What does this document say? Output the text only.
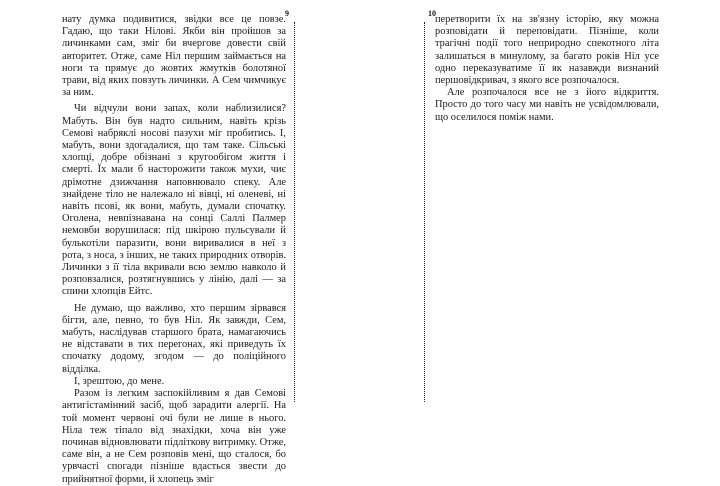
9

нату думка подивитися, звідки все це повзе. Гадаю, що таки Нілові. Якби він пройшов за личинками сам, зміг би вчергове довести свій авторитет. Отже, саме Ніл першим займається на ноги та прямує до жовтих жмутків болотяної трави, від яких повзуть личинки. А Сем чимчикує за ним.

Чи відчули вони запах, коли наблизилися? Мабуть. Він був надто сильним, навіть крізь Семові набряклі носові пазухи міг пробитись. І, мабуть, вони здогадалися, що там таке. Сільські хлопці, добре обізнані з кругообігом життя і смерті. Їх мали б насторожити також мухи, чиє дрімотне дзижчання наповнювало спеку. Але знайдене тіло не належало ні вівці, ні оленеві, ні навіть псові, як вони, мабуть, думали спочатку. Оголена, невпізнавана на сонці Саллі Палмер немовби ворушилася: під шкірою пульсували й булькотіли паразити, вони виривалися в неї з рота, з носа, з інших, не таких природних отворів. Личинки з її тіла вкривали всю землю навколо й розповзалися, розтягнувшись у лінію, далі — за спини хлопців Ейтс.

Не думаю, що важливо, хто першим зірвався бігти, але, певно, то був Ніл. Як завжди, Сем, мабуть, наслідував старшого брата, намагаючись не відставати в тих перегонах, які приведуть їх спочатку додому, згодом — до поліційного відділка.

І, зрештою, до мене.

Разом із легким заспокійливим я дав Семові антигістамінний засіб, щоб зарадити алергії. На той момент червоні очі були не лише в нього. Ніла теж тіпало від знахідки, хоча він уже починав відновлювати підліткову витримку. Отже, саме він, а не Сем розповів мені, що сталося, бо урвчасті спогади пізніше вдасться звести до прийнятної форми, й хлопець зміг

10

перетворити їх на зв'язну історію, яку можна розповідати й переповідати. Пізніше, коли трагічні події того неприродно спекотного літа залишаться в минулому, за багато років Ніл усе одно переказуватиме її як назавжди визнаний першовідкривач, з якого все розпочалося.

Але розпочалося все не з його відкриття. Просто до того часу ми навіть не усвідомлювали, що оселилося поміж нами.
